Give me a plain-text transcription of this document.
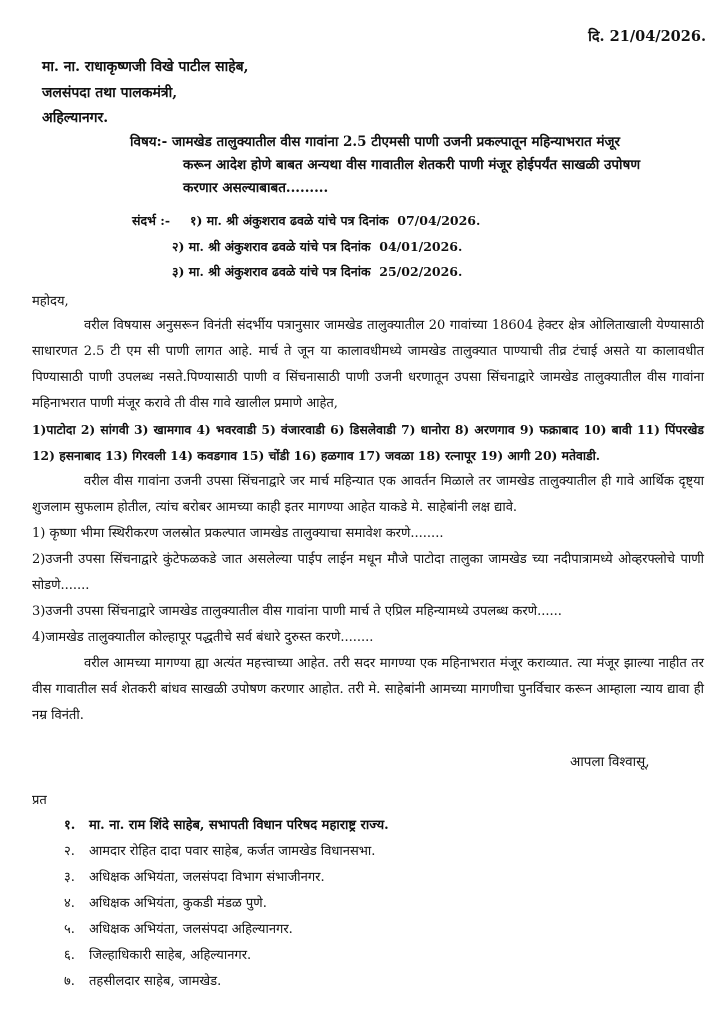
दि. 21/04/2026.
मा. ना. राधाकृष्णजी विखे पाटील साहेब,
जलसंपदा तथा पालकमंत्री,
अहिल्यानगर.
विषय:- जामखेड तालुक्यातील वीस गावांना 2.5 टीएमसी पाणी उजनी प्रकल्पातून महिन्याभरात मंजूर
करून आदेश होणे बाबत अन्यथा वीस गावातील शेतकरी पाणी मंजूर होईपर्यंत साखळी उपोषण
करणार असल्याबाबत.........
संदर्भ :- १) मा. श्री अंकुशराव ढवळे यांचे पत्र दिनांक 07/04/2026.
२) मा. श्री अंकुशराव ढवळे यांचे पत्र दिनांक 04/01/2026.
३) मा. श्री अंकुशराव ढवळे यांचे पत्र दिनांक 25/02/2026.
महोदय,
वरील विषयास अनुसरून विनंती संदर्भीय पत्रानुसार जामखेड तालुक्यातील 20 गावांच्या 18604 हेक्टर क्षेत्र ओलिताखाली येण्यासाठी साधारणत 2.5 टी एम सी पाणी लागत आहे. मार्च ते जून या कालावधीमध्ये जामखेड तालुक्यात पाण्याची तीव्र टंचाई असते या कालावधीत पिण्यासाठी पाणी उपलब्ध नसते.पिण्यासाठी पाणी व सिंचनासाठी पाणी उजनी धरणातून उपसा सिंचनाद्वारे जामखेड तालुक्यातील वीस गावांना महिनाभरात पाणी मंजूर करावे ती वीस गावे खालील प्रमाणे आहेत,
1)पाटोदा 2) सांगवी 3) खामगाव 4) भवरवाडी 5) वंजारवाडी 6) डिसलेवाडी 7) धानोरा 8) अरणगाव 9) फक्राबाद 10) बावी 11) पिंपरखेड 12) हसनाबाद 13) गिरवली 14) कवडगाव 15) चोंडी 16) हळगाव 17) जवळा 18) रत्नापूर 19) आगी 20) मतेवाडी.
वरील वीस गावांना उजनी उपसा सिंचनाद्वारे जर मार्च महिन्यात एक आवर्तन मिळाले तर जामखेड तालुक्यातील ही गावे आर्थिक दृष्ट्या शुजलाम सुफलाम होतील, त्यांच बरोबर आमच्या काही इतर मागण्या आहेत याकडे मे. साहेबांनी लक्ष द्यावे.
1) कृष्णा भीमा स्थिरीकरण जलस्रोत प्रकल्पात जामखेड तालुक्याचा समावेश करणे........
2)उजनी उपसा सिंचनाद्वारे कुंटेफळकडे जात असलेल्या पाईप लाईन मधून मौजे पाटोदा तालुका जामखेड च्या नदीपात्रामध्ये ओव्हरफ्लोचे पाणी सोडणे.......
3)उजनी उपसा सिंचनाद्वारे जामखेड तालुक्यातील वीस गावांना पाणी मार्च ते एप्रिल महिन्यामध्ये उपलब्ध करणे......
4)जामखेड तालुक्यातील कोल्हापूर पद्धतीचे सर्व बंधारे दुरुस्त करणे........
वरील आमच्या मागण्या ह्या अत्यंत महत्त्वाच्या आहेत. तरी सदर मागण्या एक महिनाभरात मंजूर कराव्यात. त्या मंजूर झाल्या नाहीत तर वीस गावातील सर्व शेतकरी बांधव साखळी उपोषण करणार आहोत. तरी मे. साहेबांनी आमच्या मागणीचा पुनर्विचार करून आम्हाला न्याय द्यावा ही नम्र विनंती.
आपला विश्वासू,
प्रत
१. मा. ना. राम शिंदे साहेब, सभापती विधान परिषद महाराष्ट्र राज्य.
२. आमदार रोहित दादा पवार साहेब, कर्जत जामखेड विधानसभा.
३. अधिक्षक अभियंता, जलसंपदा विभाग संभाजीनगर.
४. अधिक्षक अभियंता, कुकडी मंडळ पुणे.
५. अधिक्षक अभियंता, जलसंपदा अहिल्यानगर.
६. जिल्हाधिकारी साहेब, अहिल्यानगर.
७. तहसीलदार साहेब, जामखेड.
